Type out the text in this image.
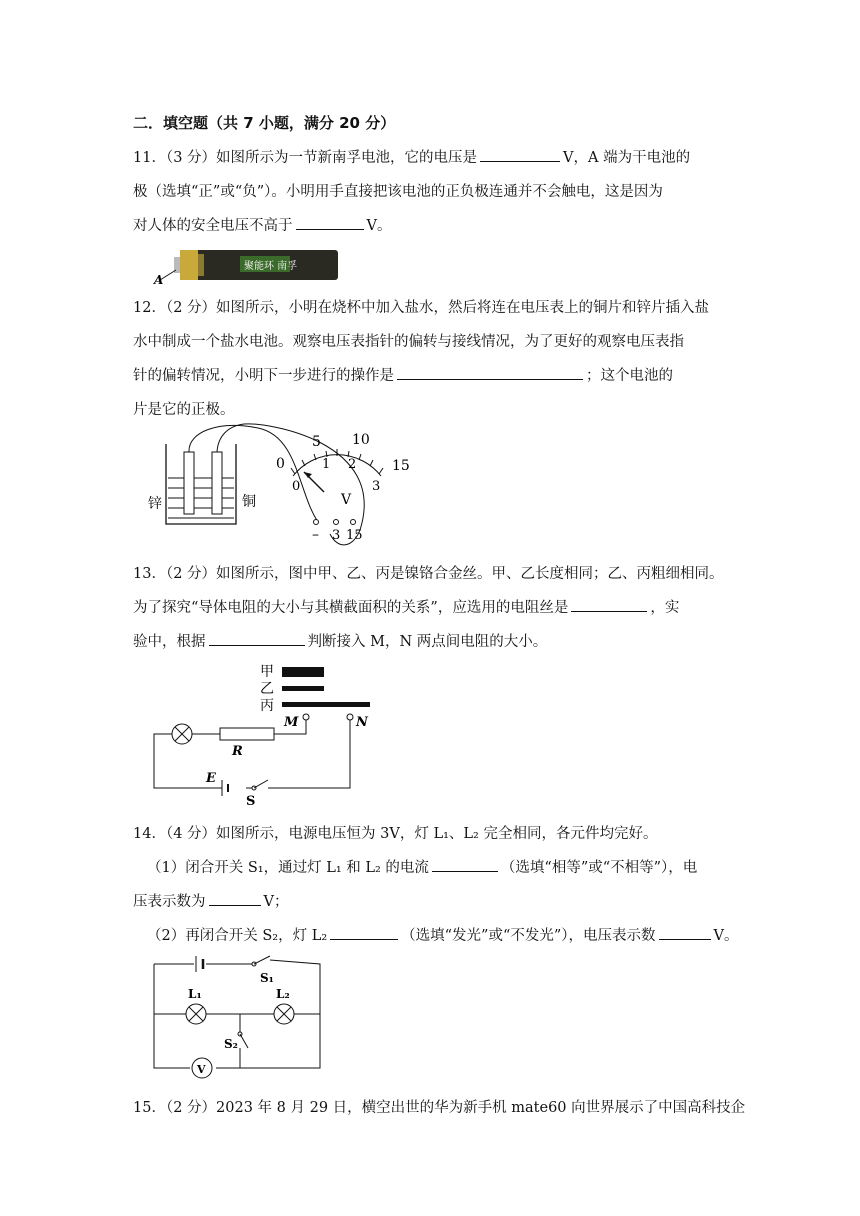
二．填空题（共 7 小题，满分 20 分）
11．（3 分）如图所示为一节新南孚电池，它的电压是	V，A 端为干电池的
极（选填“正”或“负”）。小明用手直接把该电池的正负极连通并不会触电，这是因为
对人体的安全电压不高于	V。
聚能环 南孚
A
12．（2 分）如图所示，小明在烧杯中加入盐水，然后将连在电压表上的铜片和锌片插入盐
水中制成一个盐水电池。观察电压表指针的偏转与接线情况，为了更好的观察电压表指
针的偏转情况，小明下一步进行的操作是	；这个电池的
片是它的正极。
锌	铜
0
5 10
15
0
1 2
3
V
– 3 15
13．（2 分）如图所示，图中甲、乙、丙是镍铬合金丝。甲、乙长度相同；乙、丙粗细相同。
为了探究“导体电阻的大小与其横截面积的关系”，应选用的电阻丝是	，实
验中，根据	判断接入 M，N 两点间电阻的大小。
甲
乙
丙
M	N
R
E
S
14．（4 分）如图所示，电源电压恒为 3V，灯 L₁、L₂ 完全相同，各元件均完好。
（1）闭合开关 S₁，通过灯 L₁ 和 L₂ 的电流	（选填“相等”或“不相等”），电
压表示数为	V；
（2）再闭合开关 S₂，灯 L₂	（选填“发光”或“不发光”），电压表示数	V。
S₁
L₁	L₂
S₂
V
15．（2 分）2023 年 8 月 29 日，横空出世的华为新手机 mate60 向世界展示了中国高科技企
